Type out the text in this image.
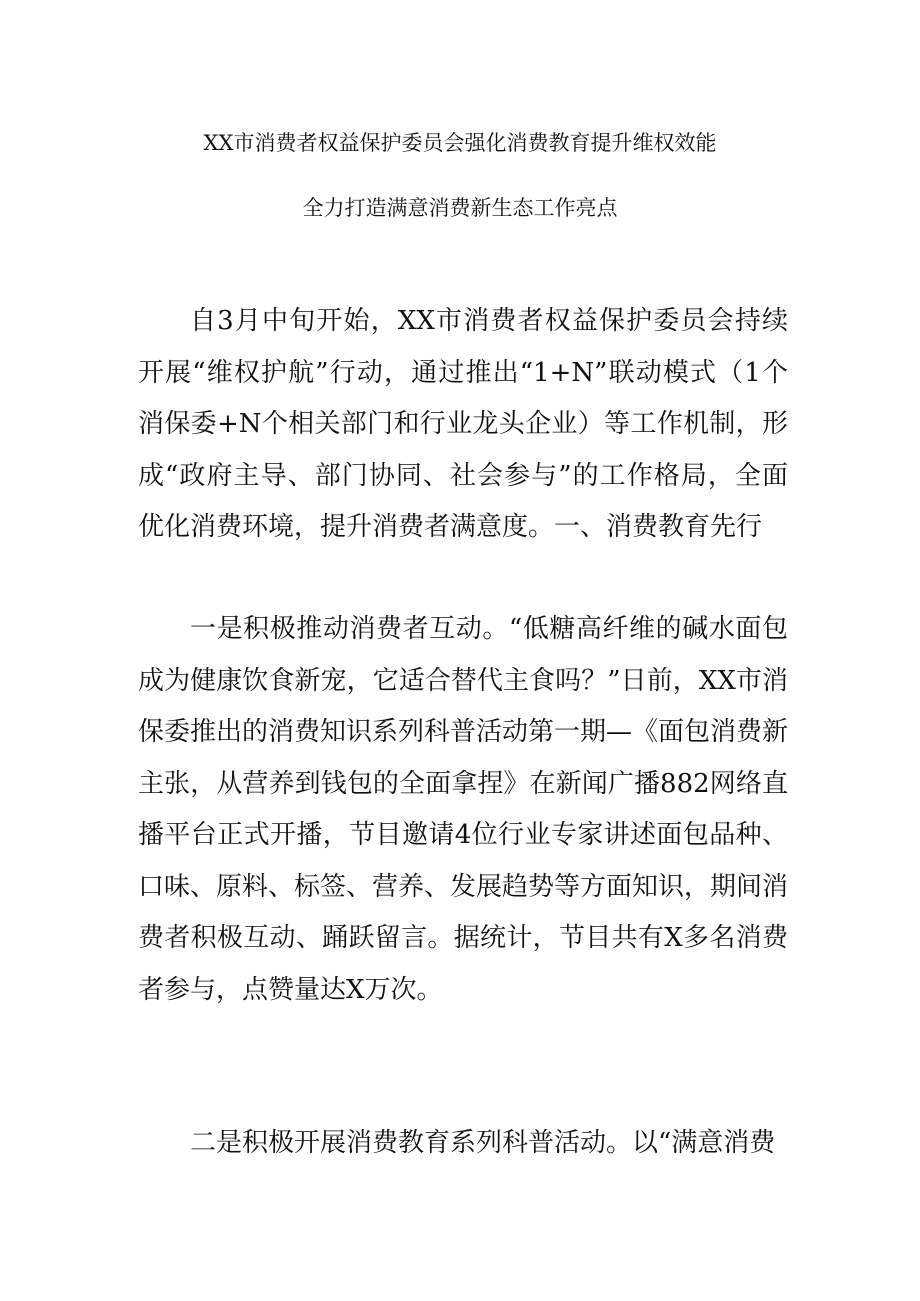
XX市消费者权益保护委员会强化消费教育提升维权效能
全力打造满意消费新生态工作亮点

自3月中旬开始，XX市消费者权益保护委员会持续开展“维权护航”行动，通过推出“1+N”联动模式（1个消保委+N个相关部门和行业龙头企业）等工作机制，形成“政府主导、部门协同、社会参与”的工作格局，全面优化消费环境，提升消费者满意度。一、消费教育先行

一是积极推动消费者互动。“低糖高纤维的碱水面包成为健康饮食新宠，它适合替代主食吗？”日前，XX市消保委推出的消费知识系列科普活动第一期—《面包消费新主张，从营养到钱包的全面拿捏》在新闻广播882网络直播平台正式开播，节目邀请4位行业专家讲述面包品种、口味、原料、标签、营养、发展趋势等方面知识，期间消费者积极互动、踊跃留言。据统计，节目共有X多名消费者参与，点赞量达X万次。

二是积极开展消费教育系列科普活动。以“满意消费
